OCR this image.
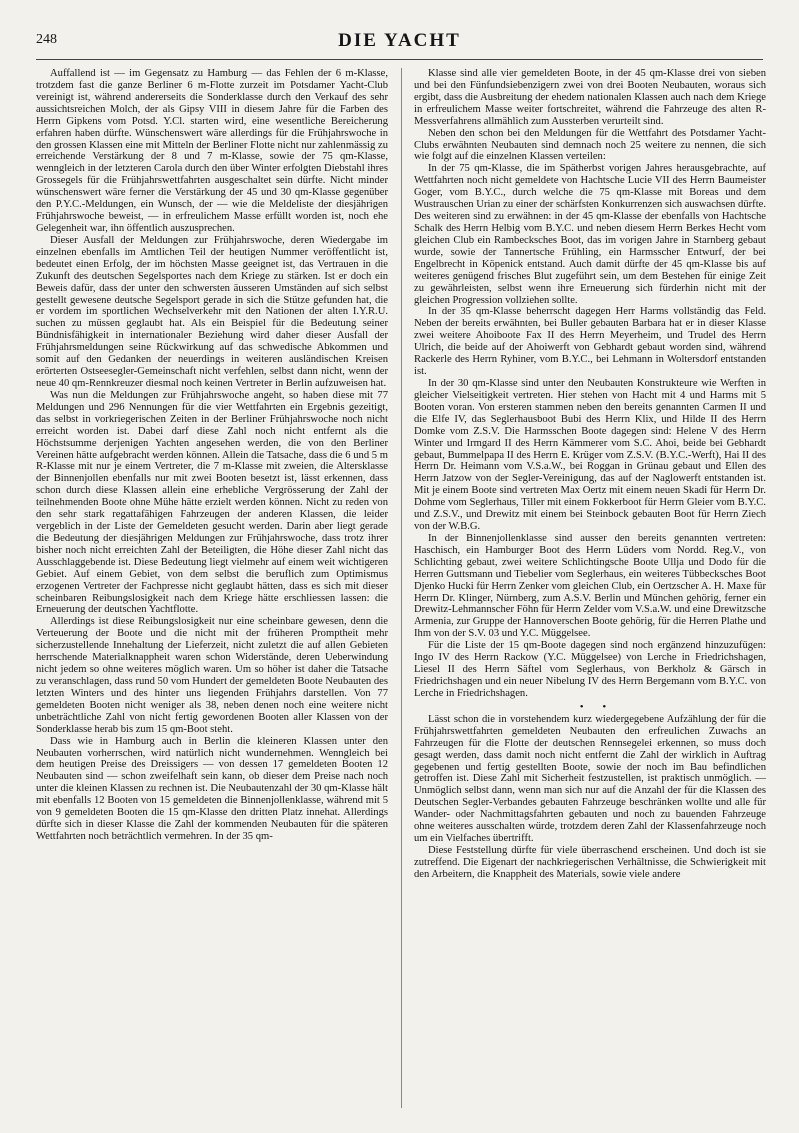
248	DIE YACHT

Auffallend ist — im Gegensatz zu Hamburg — das Fehlen der 6 m-Klasse, trotzdem fast die ganze Berliner 6 m-Flotte zurzeit im Potsdamer Yacht-Club vereinigt ist, während andererseits die Sonderklasse durch den Verkauf des sehr aussichtsreichen Molch, der als Gipsy VIII in diesem Jahre für die Farben des Herrn Gipkens vom Potsd. Y.Cl. starten wird, eine wesentliche Bereicherung erfahren haben dürfte. Wünschenswert wäre allerdings für die Frühjahrswoche in den grossen Klassen eine mit Mitteln der Berliner Flotte nicht nur zahlenmässig zu erreichende Verstärkung der 8 und 7 m-Klasse, sowie der 75 qm-Klasse, wenngleich in der letzteren Carola durch den über Winter erfolgten Diebstahl ihres Grossegels für die Frühjahrswettfahrten ausgeschaltet sein dürfte. Nicht minder wünschenswert wäre ferner die Verstärkung der 45 und 30 qm-Klasse gegenüber den P.Y.C.-Meldungen, ein Wunsch, der — wie die Meldeliste der diesjährigen Frühjahrswoche beweist, — in erfreulichem Masse erfüllt worden ist, noch ehe Gelegenheit war, ihn öffentlich auszusprechen.

Dieser Ausfall der Meldungen zur Frühjahrswoche, deren Wiedergabe im einzelnen ebenfalls im Amtlichen Teil der heutigen Nummer veröffentlicht ist, bedeutet einen Erfolg, der im höchsten Masse geeignet ist, das Vertrauen in die Zukunft des deutschen Segelsportes nach dem Kriege zu stärken. Ist er doch ein Beweis dafür, dass der unter den schwersten äusseren Umständen auf sich selbst gestellt gewesene deutsche Segelsport gerade in sich die Stütze gefunden hat, die er vordem im sportlichen Wechselverkehr mit den Nationen der alten I.Y.R.U. suchen zu müssen geglaubt hat. Als ein Beispiel für die Bedeutung seiner Bündnisfähigkeit in internationaler Beziehung wird daher dieser Ausfall der Frühjahrsmeldungen seine Rückwirkung auf das schwedische Abkommen und somit auf den Gedanken der neuerdings in weiteren ausländischen Kreisen erörterten Ostseesegler-Gemeinschaft nicht verfehlen, selbst dann nicht, wenn der neue 40 qm-Rennkreuzer diesmal noch keinen Vertreter in Berlin aufzuweisen hat.

Was nun die Meldungen zur Frühjahrswoche angeht, so haben diese mit 77 Meldungen und 296 Nennungen für die vier Wettfahrten ein Ergebnis gezeitigt, das selbst in vorkriegerischen Zeiten in der Berliner Frühjahrswoche noch nicht erreicht worden ist. Dabei darf diese Zahl noch nicht entfernt als die Höchstsumme derjenigen Yachten angesehen werden, die von den Berliner Vereinen hätte aufgebracht werden können. Allein die Tatsache, dass die 6 und 5 m R-Klasse mit nur je einem Vertreter, die 7 m-Klasse mit zweien, die Altersklasse der Binnenjollen ebenfalls nur mit zwei Booten besetzt ist, lässt erkennen, dass schon durch diese Klassen allein eine erhebliche Vergrösserung der Zahl der teilnehmenden Boote ohne Mühe hätte erzielt werden können. Nicht zu reden von den sehr stark regattafähigen Fahrzeugen der anderen Klassen, die leider vergeblich in der Liste der Gemeldeten gesucht werden. Darin aber liegt gerade die Bedeutung der diesjährigen Meldungen zur Frühjahrswoche, dass trotz ihrer bisher noch nicht erreichten Zahl der Beteiligten, die Höhe dieser Zahl nicht das Ausschlaggebende ist. Diese Bedeutung liegt vielmehr auf einem weit wichtigeren Gebiet. Auf einem Gebiet, von dem selbst die beruflich zum Optimismus erzogenen Vertreter der Fachpresse nicht geglaubt hätten, dass es sich mit dieser scheinbaren Reibungslosigkeit nach dem Kriege hätte erschliessen lassen: die Erneuerung der deutschen Yachtflotte.

Allerdings ist diese Reibungslosigkeit nur eine scheinbare gewesen, denn die Verteuerung der Boote und die nicht mit der früheren Promptheit mehr sicherzustellende Innehaltung der Lieferzeit, nicht zuletzt die auf allen Gebieten herrschende Materialknappheit waren schon Widerstände, deren Ueberwindung nicht jedem so ohne weiteres möglich waren. Um so höher ist daher die Tatsache zu veranschlagen, dass rund 50 vom Hundert der gemeldeten Boote Neubauten des letzten Winters und des hinter uns liegenden Frühjahrs darstellen. Von 77 gemeldeten Booten nicht weniger als 38, neben denen noch eine weitere nicht unbeträchtliche Zahl von nicht fertig gewordenen Booten aller Klassen von der Sonderklasse herab bis zum 15 qm-Boot steht.

Dass wie in Hamburg auch in Berlin die kleineren Klassen unter den Neubauten vorherrschen, wird natürlich nicht wundernehmen. Wenngleich bei dem heutigen Preise des Dreissigers — von dessen 17 gemeldeten Booten 12 Neubauten sind — schon zweifelhaft sein kann, ob dieser dem Preise nach noch unter die kleinen Klassen zu rechnen ist. Die Neubautenzahl der 30 qm-Klasse hält mit ebenfalls 12 Booten von 15 gemeldeten die Binnenjollenklasse, während mit 5 von 9 gemeldeten Booten die 15 qm-Klasse den dritten Platz innehat. Allerdings dürfte sich in dieser Klasse die Zahl der kommenden Neubauten für die späteren Wettfahrten noch beträchtlich vermehren. In der 35 qm-

Klasse sind alle vier gemeldeten Boote, in der 45 qm-Klasse drei von sieben und bei den Fünfundsiebenzigern zwei von drei Booten Neubauten, woraus sich ergibt, dass die Ausbreitung der ehedem nationalen Klassen auch nach dem Kriege in erfreulichem Masse weiter fortschreitet, während die Fahrzeuge des alten R-Messverfahrens allmählich zum Aussterben verurteilt sind.

Neben den schon bei den Meldungen für die Wettfahrt des Potsdamer Yacht-Clubs erwähnten Neubauten sind demnach noch 25 weitere zu nennen, die sich wie folgt auf die einzelnen Klassen verteilen:

In der 75 qm-Klasse, die im Spätherbst vorigen Jahres herausgebrachte, auf Wettfahrten noch nicht gemeldete von Hachtsche Lucie VII des Herrn Baumeister Goger, vom B.Y.C., durch welche die 75 qm-Klasse mit Boreas und dem Wustrauschen Urian zu einer der schärfsten Konkurrenzen sich auswachsen dürfte. Des weiteren sind zu erwähnen: in der 45 qm-Klasse der ebenfalls von Hachtsche Schalk des Herrn Helbig vom B.Y.C. und neben diesem Herrn Berkes Hecht vom gleichen Club ein Rambecksches Boot, das im vorigen Jahre in Starnberg gebaut wurde, sowie der Tannertsche Frühling, ein Harmsscher Entwurf, der bei Engelbrecht in Köpenick entstand. Auch damit dürfte der 45 qm-Klasse bis auf weiteres genügend frisches Blut zugeführt sein, um dem Bestehen für einige Zeit zu gewährleisten, selbst wenn ihre Erneuerung sich fürderhin nicht mit der gleichen Progression vollziehen sollte.

In der 35 qm-Klasse beherrscht dagegen Herr Harms vollständig das Feld. Neben der bereits erwähnten, bei Buller gebauten Barbara hat er in dieser Klasse zwei weitere Ahoiboote Fax II des Herrn Meyerheim, und Trudel des Herrn Ulrich, die beide auf der Ahoiwerft von Gebhardt gebaut worden sind, während Rackerle des Herrn Ryhiner, vom B.Y.C., bei Lehmann in Woltersdorf entstanden ist.

In der 30 qm-Klasse sind unter den Neubauten Konstrukteure wie Werften in gleicher Vielseitigkeit vertreten. Hier stehen von Hacht mit 4 und Harms mit 5 Booten voran. Von ersteren stammen neben den bereits genannten Carmen II und die Elfe IV, das Seglerhausboot Bubi des Herrn Klix, und Hilde II des Herrn Domke vom Z.S.V. Die Harmsschen Boote dagegen sind: Helene V des Herrn Winter und Irmgard II des Herrn Kämmerer vom S.C. Ahoi, beide bei Gebhardt gebaut, Bummelpapa II des Herrn E. Krüger vom Z.S.V. (B.Y.C.-Werft), Hai II des Herrn Dr. Heimann vom V.S.a.W., bei Roggan in Grünau gebaut und Ellen des Herrn Jatzow von der Segler-Vereinigung, das auf der Naglowerft entstanden ist. Mit je einem Boote sind vertreten Max Oertz mit einem neuen Skadi für Herrn Dr. Dohme vom Seglerhaus, Tiller mit einem Fokkerboot für Herrn Gleier vom B.Y.C. und Z.S.V., und Drewitz mit einem bei Steinbock gebauten Boot für Herrn Ziech von der W.B.G.

In der Binnenjollenklasse sind ausser den bereits genannten vertreten: Haschisch, ein Hamburger Boot des Herrn Lüders vom Nordd. Reg.V., von Schlichting gebaut, zwei weitere Schlichtingsche Boote Ullja und Dodo für die Herren Guttsmann und Tiebelier vom Seglerhaus, ein weiteres Tübbecksches Boot Djenko Hucki für Herrn Zenker vom gleichen Club, ein Oertzscher A. H. Maxe für Herrn Dr. Klinger, Nürnberg, zum A.S.V. Berlin und München gehörig, ferner ein Drewitz-Lehmannscher Föhn für Herrn Zelder vom V.S.a.W. und eine Drewitzsche Armenia, zur Gruppe der Hannoverschen Boote gehörig, für die Herren Plathe und Ihm von der S.V. 03 und Y.C. Müggelsee.

Für die Liste der 15 qm-Boote dagegen sind noch ergänzend hinzuzufügen: Ingo IV des Herrn Rackow (Y.C. Müggelsee) von Lerche in Friedrichshagen, Liesel II des Herrn Säftel vom Seglerhaus, von Berkholz & Gärsch in Friedrichshagen und ein neuer Nibelung IV des Herrn Bergemann vom B.Y.C. von Lerche in Friedrichshagen.

• •

Lässt schon die in vorstehendem kurz wiedergegebene Aufzählung der für die Frühjahrswettfahrten gemeldeten Neubauten den erfreulichen Zuwachs an Fahrzeugen für die Flotte der deutschen Rennsegelei erkennen, so muss doch gesagt werden, dass damit noch nicht entfernt die Zahl der wirklich in Auftrag gegebenen und fertig gestellten Boote, sowie der noch im Bau befindlichen getroffen ist. Diese Zahl mit Sicherheit festzustellen, ist praktisch unmöglich. — Unmöglich selbst dann, wenn man sich nur auf die Anzahl der für die Klassen des Deutschen Segler-Verbandes gebauten Fahrzeuge beschränken wollte und alle für Wander- oder Nachmittagsfahrten gebauten und noch zu bauenden Fahrzeuge ohne weiteres ausschalten würde, trotzdem deren Zahl der Klassenfahrzeuge noch um ein Vielfaches übertrifft.

Diese Feststellung dürfte für viele überraschend erscheinen. Und doch ist sie zutreffend. Die Eigenart der nachkriegerischen Verhältnisse, die Schwierigkeit mit den Arbeitern, die Knappheit des Materials, sowie viele andere
